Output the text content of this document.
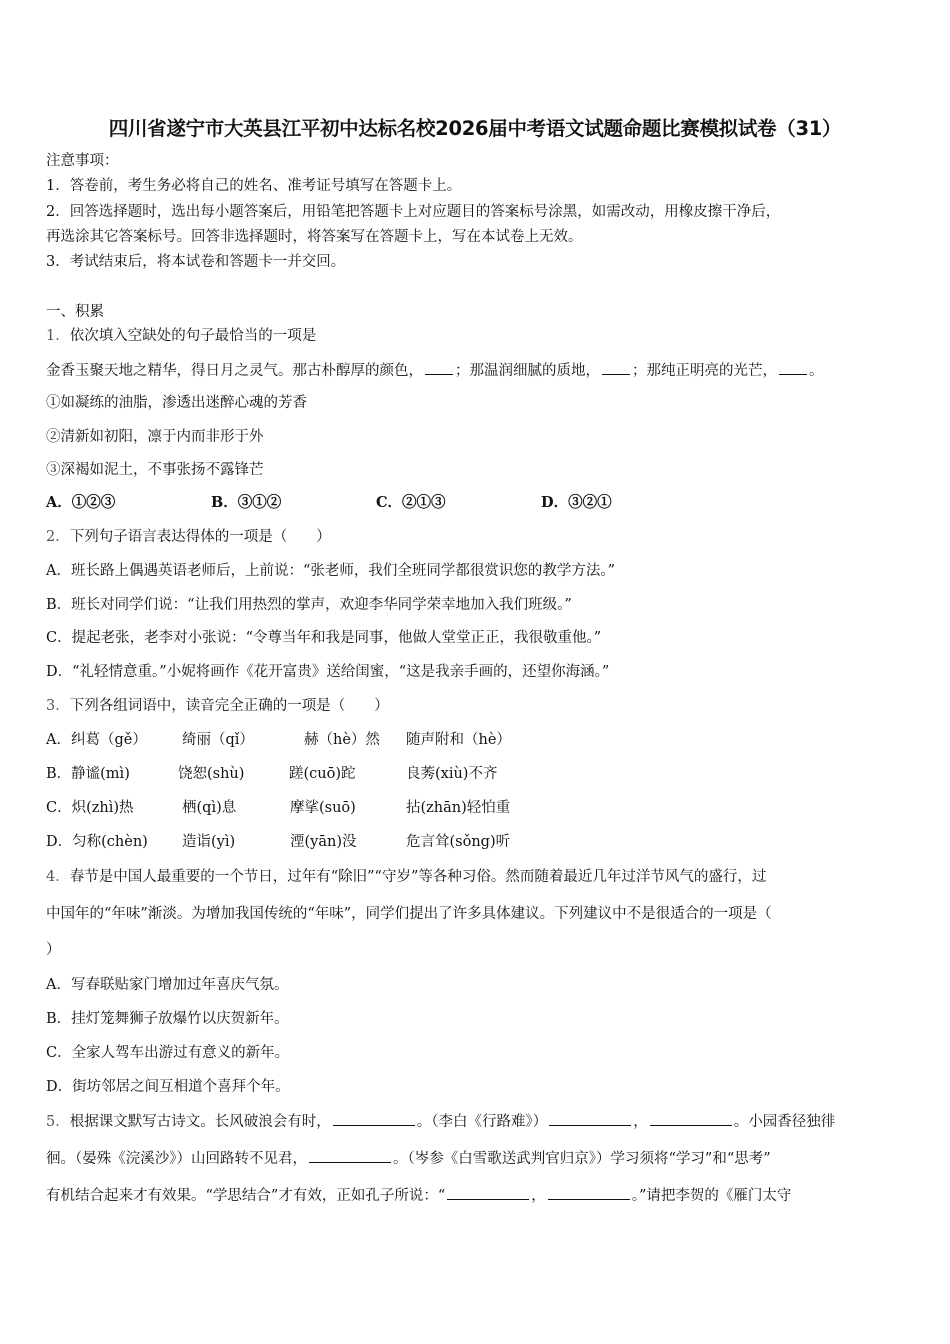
四川省遂宁市大英县江平初中达标名校2026届中考语文试题命题比赛模拟试卷（31）
注意事项：
1．答卷前，考生务必将自己的姓名、准考证号填写在答题卡上。
2．回答选择题时，选出每小题答案后，用铅笔把答题卡上对应题目的答案标号涂黑，如需改动，用橡皮擦干净后，
再选涂其它答案标号。回答非选择题时，将答案写在答题卡上，写在本试卷上无效。
3．考试结束后，将本试卷和答题卡一并交回。
一、积累
1．依次填入空缺处的句子最恰当的一项是
金香玉聚天地之精华，得日月之灵气。那古朴醇厚的颜色， ；那温润细腻的质地， ；那纯正明亮的光芒， 。
①如凝练的油脂，渗透出迷醉心魂的芳香
②清新如初阳，凛于内而非形于外
③深褐如泥土，不事张扬不露锋芒
A．①②③	B．③①②	C．②①③	D．③②①
2．下列句子语言表达得体的一项是（　　）
A．班长路上偶遇英语老师后，上前说：“张老师，我们全班同学都很赏识您的教学方法。”
B．班长对同学们说：“让我们用热烈的掌声，欢迎李华同学荣幸地加入我们班级。”
C．提起老张，老李对小张说：“令尊当年和我是同事，他做人堂堂正正，我很敬重他。”
D．“礼轻情意重。”小妮将画作《花开富贵》送给闺蜜，“这是我亲手画的，还望你海涵。”
3．下列各组词语中，读音完全正确的一项是（　　）
A．纠葛（gě） 绮丽（qǐ）	赫（hè）然 随声附和（hè）
B．静谧(mì)	饶恕(shù)	蹉(cuō)跎	良莠(xiù)不齐
C．炽(zhì)热	栖(qì)息	摩挲(suō)	拈(zhān)轻怕重
D．匀称(chèn) 造诣(yì)	湮(yān)没	危言耸(sǒng)听
4．春节是中国人最重要的一个节日，过年有“除旧”“守岁”等各种习俗。然而随着最近几年过洋节风气的盛行，过
中国年的“年味”渐淡。为增加我国传统的“年味”，同学们提出了许多具体建议。下列建议中不是很适合的一项是（
）
A．写春联贴家门增加过年喜庆气氛。
B．挂灯笼舞狮子放爆竹以庆贺新年。
C．全家人驾车出游过有意义的新年。
D．街坊邻居之间互相道个喜拜个年。
5．根据课文默写古诗文。长风破浪会有时，	。（李白《行路难》）	，	。小园香径独徘
徊。（晏殊《浣溪沙》）山回路转不见君，	。（岑参《白雪歌送武判官归京》）学习须将“学习”和“思考”
有机结合起来才有效果。“学思结合”才有效，正如孔子所说：“	，	。”请把李贺的《雁门太守
